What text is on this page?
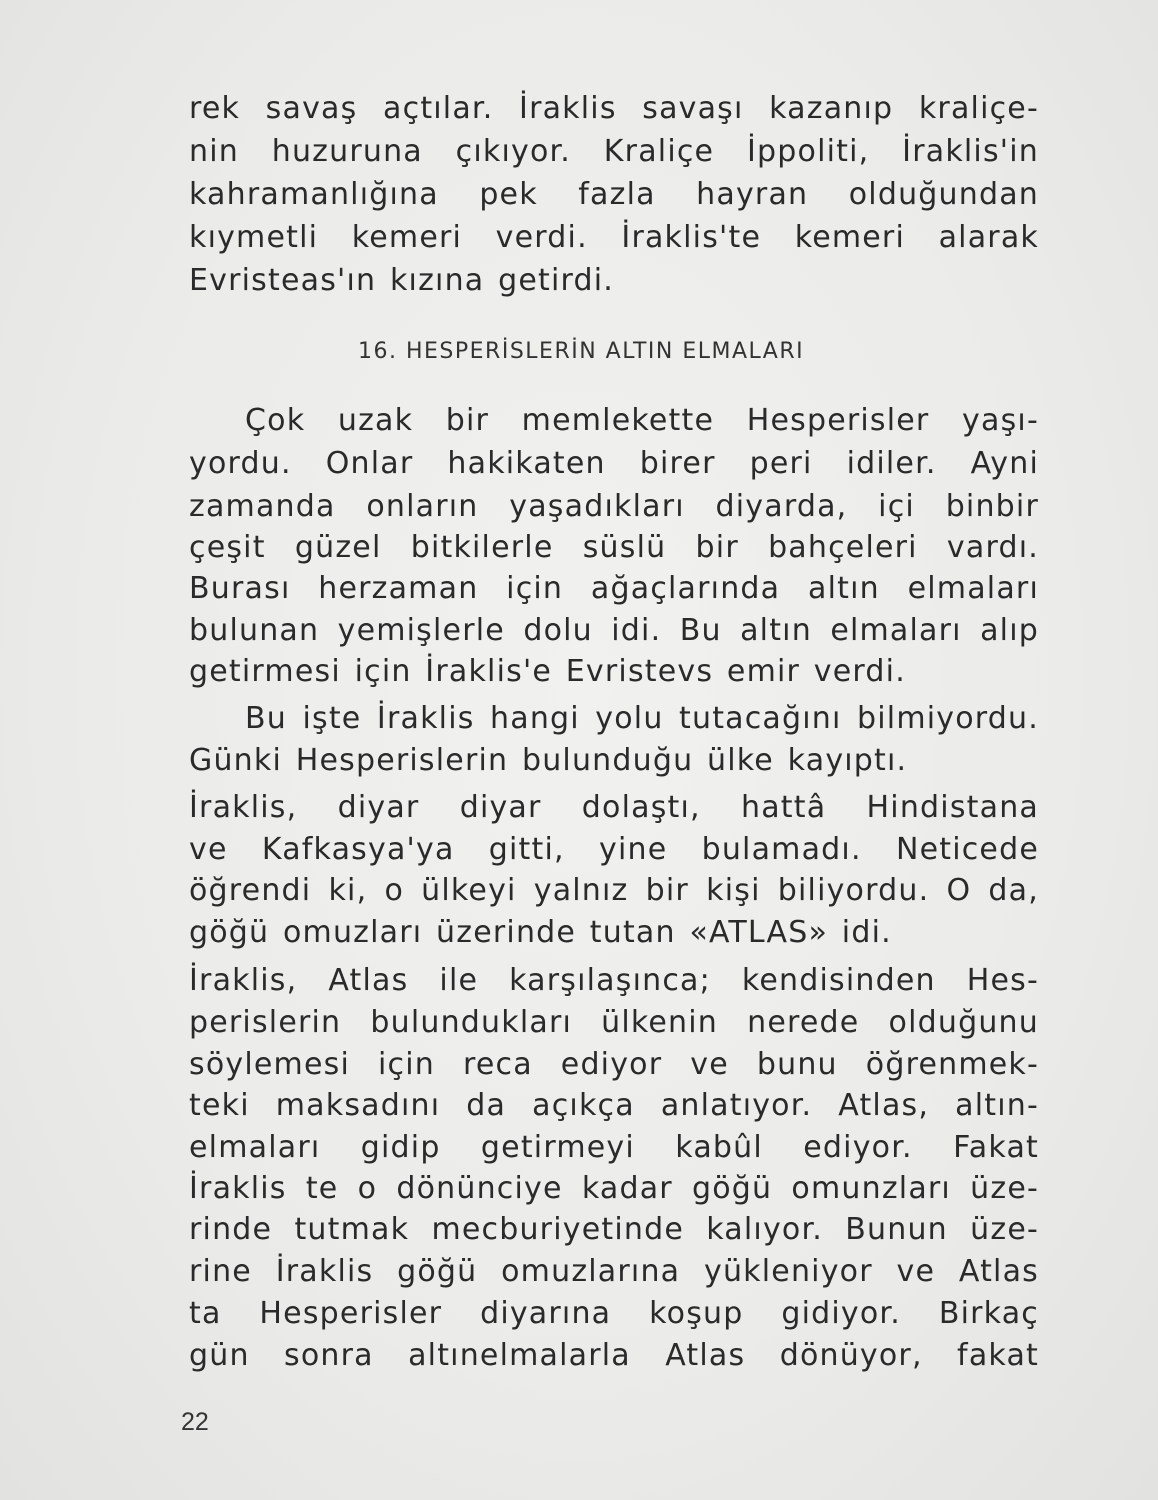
rek savaş açtılar. İraklis savaşı kazanıp kraliçe-
nin huzuruna çıkıyor. Kraliçe İppoliti, İraklis'in
kahramanlığına pek fazla hayran olduğundan
kıymetli kemeri verdi. İraklis'te kemeri alarak
Evristeas'ın kızına getirdi.
16. HESPERİSLERİN ALTIN ELMALARI
Çok uzak bir memlekette Hesperisler yaşı-
yordu. Onlar hakikaten birer peri idiler. Ayni
zamanda onların yaşadıkları diyarda, içi binbir
çeşit güzel bitkilerle süslü bir bahçeleri vardı.
Burası herzaman için ağaçlarında altın elmaları
bulunan yemişlerle dolu idi. Bu altın elmaları alıp
getirmesi için İraklis'e Evristevs emir verdi.
Bu işte İraklis hangi yolu tutacağını bilmiyordu.
Günki Hesperislerin bulunduğu ülke kayıptı.
İraklis, diyar diyar dolaştı, hattâ Hindistana
ve Kafkasya'ya gitti, yine bulamadı. Neticede
öğrendi ki, o ülkeyi yalnız bir kişi biliyordu. O da,
göğü omuzları üzerinde tutan «ATLAS» idi.
İraklis, Atlas ile karşılaşınca; kendisinden Hes-
perislerin bulundukları ülkenin nerede olduğunu
söylemesi için reca ediyor ve bunu öğrenmek-
teki maksadını da açıkça anlatıyor. Atlas, altın-
elmaları gidip getirmeyi kabûl ediyor. Fakat
İraklis te o dönünciye kadar göğü omunzları üze-
rinde tutmak mecburiyetinde kalıyor. Bunun üze-
rine İraklis göğü omuzlarına yükleniyor ve Atlas
ta Hesperisler diyarına koşup gidiyor. Birkaç
gün sonra altınelmalarla Atlas dönüyor, fakat
22
